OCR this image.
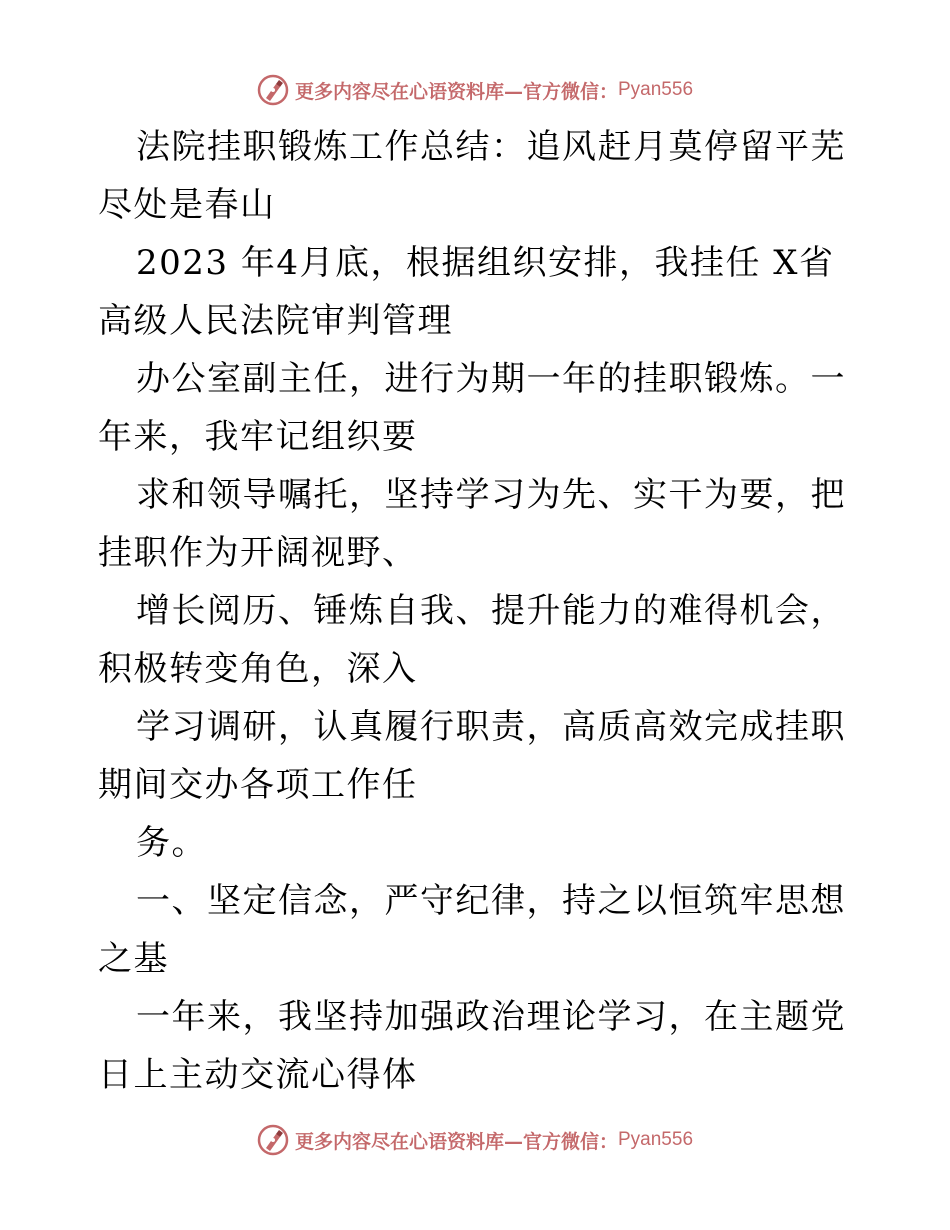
更多内容尽在心语资料库—官方微信： Pyan556

法院挂职锻炼工作总结：追风赶月莫停留平芜尽处是春山

2023 年4月底，根据组织安排，我挂任 X省高级人民法院审判管理

办公室副主任，进行为期一年的挂职锻炼。一年来，我牢记组织要

求和领导嘱托，坚持学习为先、实干为要，把挂职作为开阔视野、

增长阅历、锤炼自我、提升能力的难得机会，积极转变角色，深入

学习调研，认真履行职责，高质高效完成挂职期间交办各项工作任

务。

一、坚定信念，严守纪律，持之以恒筑牢思想之基

一年来，我坚持加强政治理论学习，在主题党日上主动交流心得体

更多内容尽在心语资料库—官方微信： Pyan556
